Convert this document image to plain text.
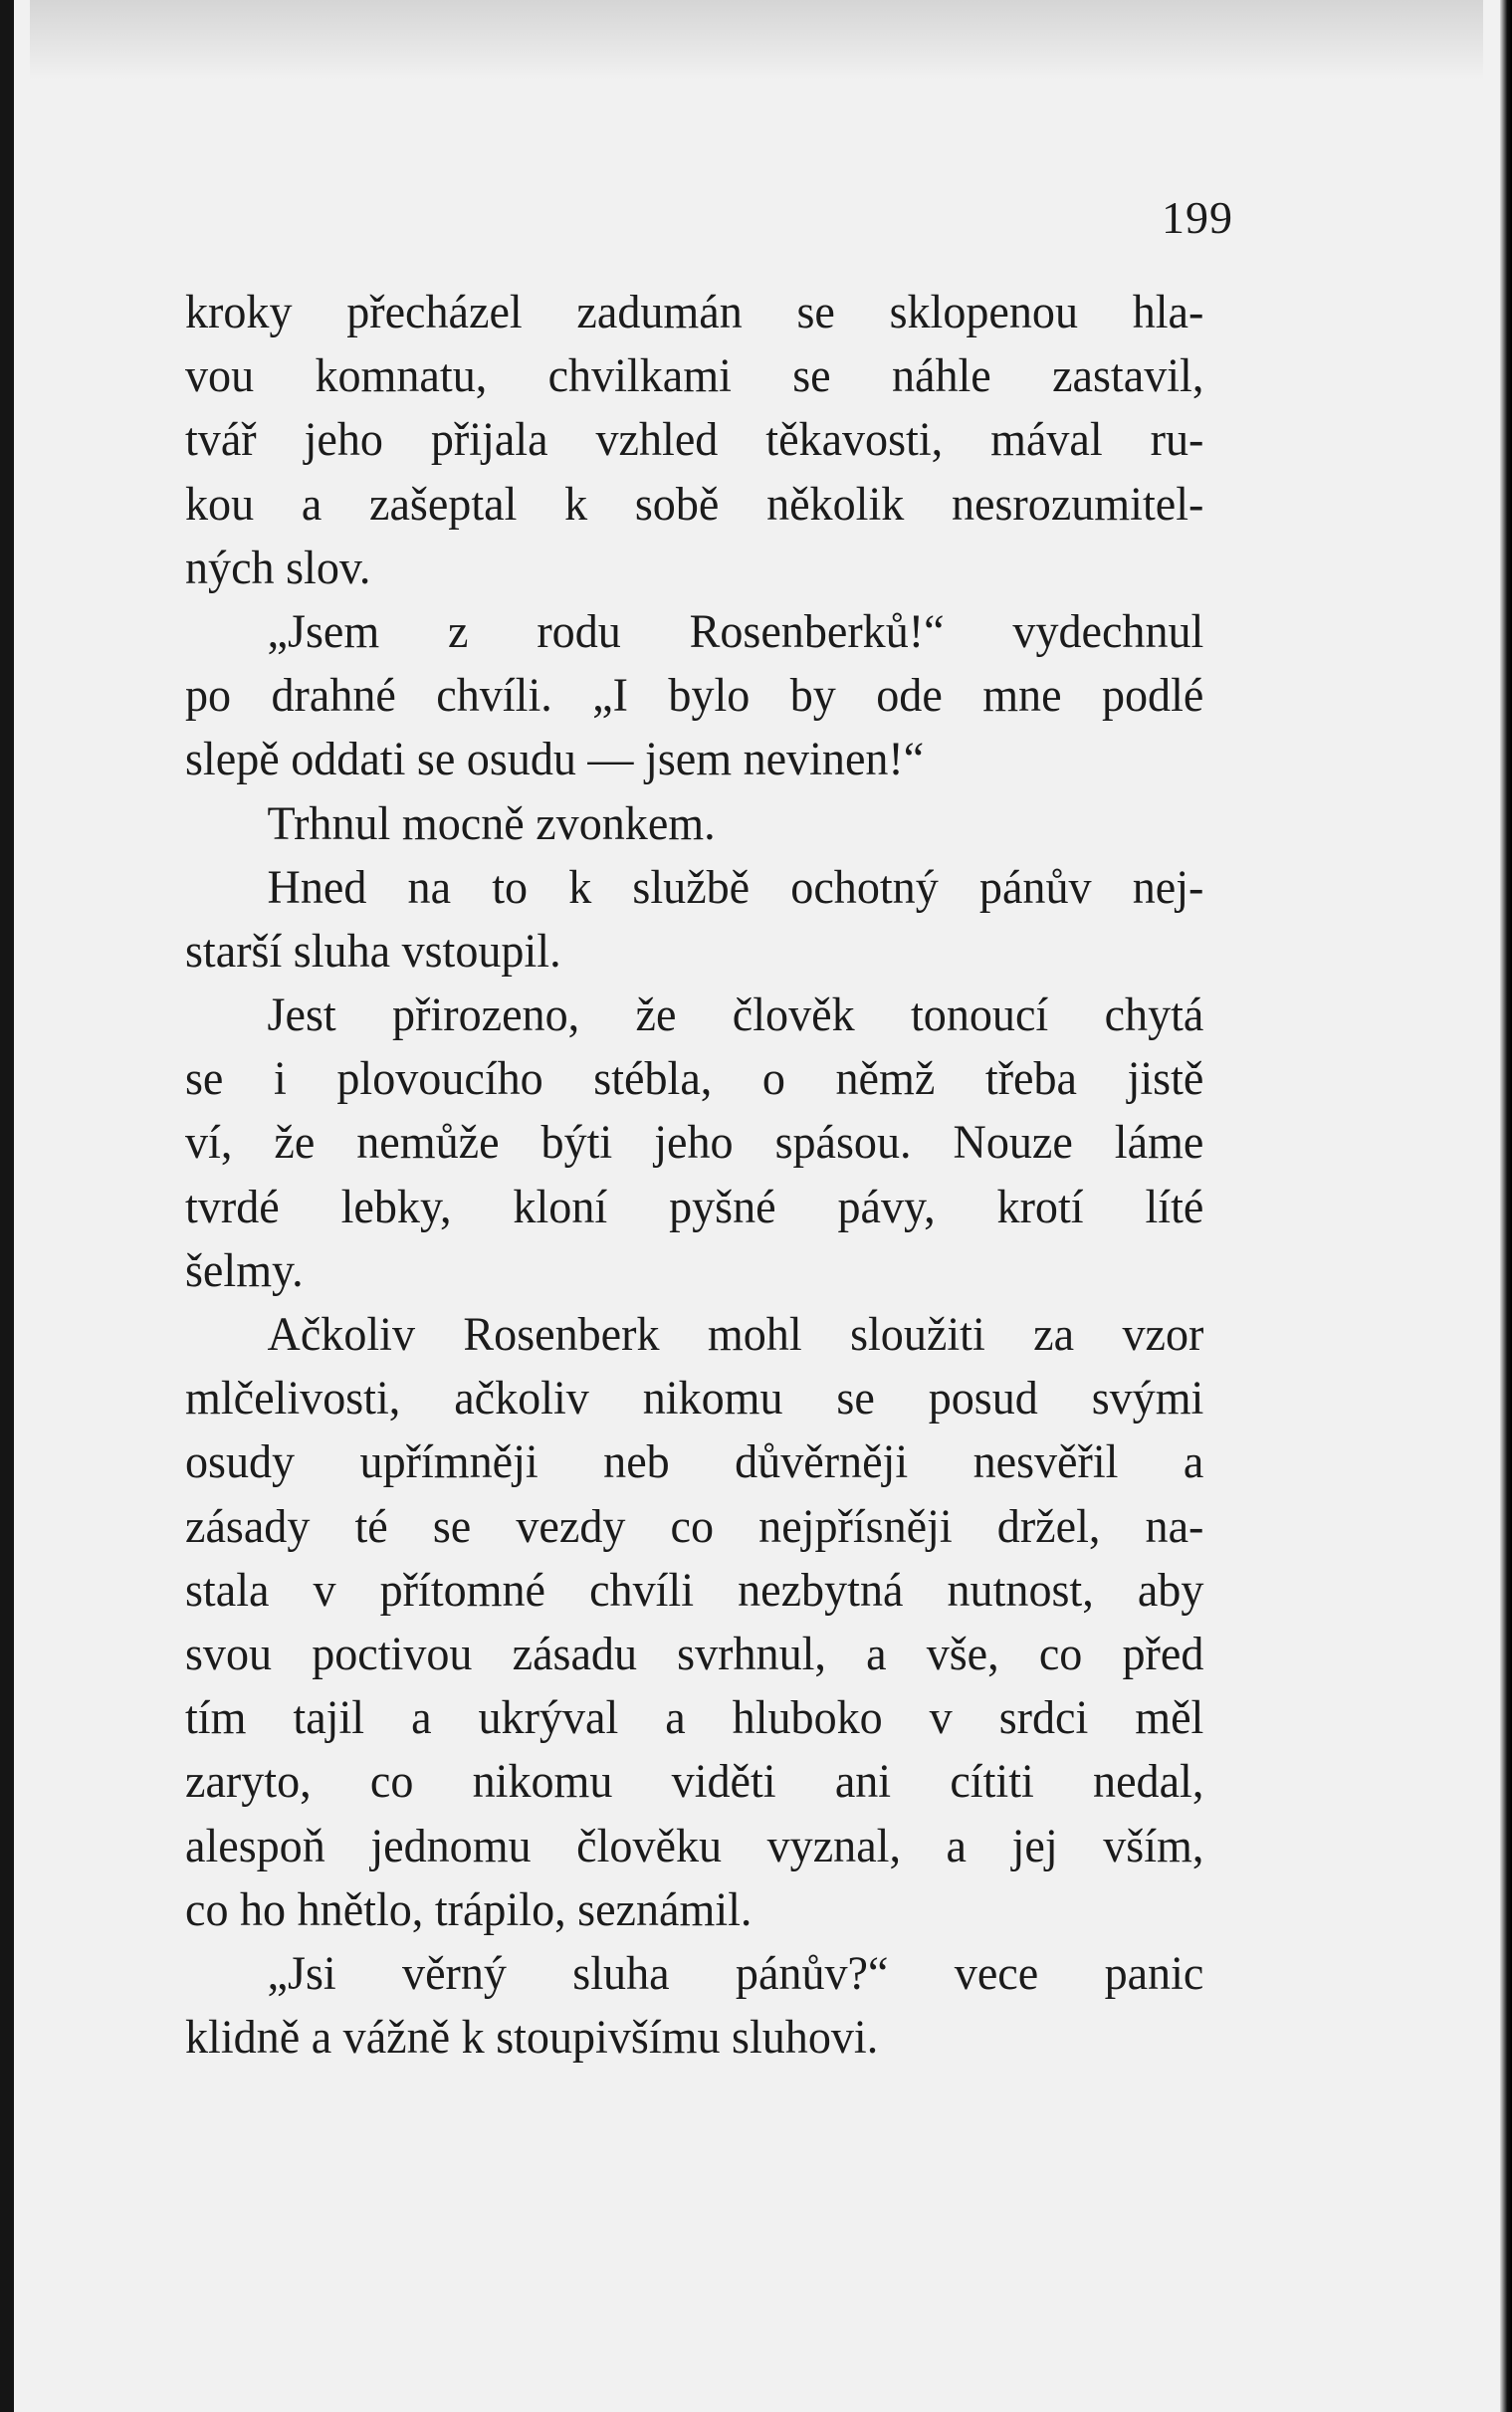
199
kroky přecházel zadumán se sklopenou hla-
vou komnatu, chvilkami se náhle zastavil,
tvář jeho přijala vzhled těkavosti, mával ru-
kou a zašeptal k sobě několik nesrozumitel-
ných slov.
„Jsem z rodu Rosenberků!“ vydechnul
po drahné chvíli. „I bylo by ode mne podlé
slepě oddati se osudu — jsem nevinen!“
Trhnul mocně zvonkem.
Hned na to k službě ochotný pánův nej-
starší sluha vstoupil.
Jest přirozeno, že člověk tonoucí chytá
se i plovoucího stébla, o němž třeba jistě
ví, že nemůže býti jeho spásou. Nouze láme
tvrdé lebky, kloní pyšné pávy, krotí líté
šelmy.
Ačkoliv Rosenberk mohl sloužiti za vzor
mlčelivosti, ačkoliv nikomu se posud svými
osudy upřímněji neb důvěrněji nesvěřil a
zásady té se vezdy co nejpřísněji držel, na-
stala v přítomné chvíli nezbytná nutnost, aby
svou poctivou zásadu svrhnul, a vše, co před
tím tajil a ukrýval a hluboko v srdci měl
zaryto, co nikomu viděti ani cítiti nedal,
alespoň jednomu člověku vyznal, a jej vším,
co ho hnětlo, trápilo, seznámil.
„Jsi věrný sluha pánův?“ vece panic
klidně a vážně k stoupivšímu sluhovi.
